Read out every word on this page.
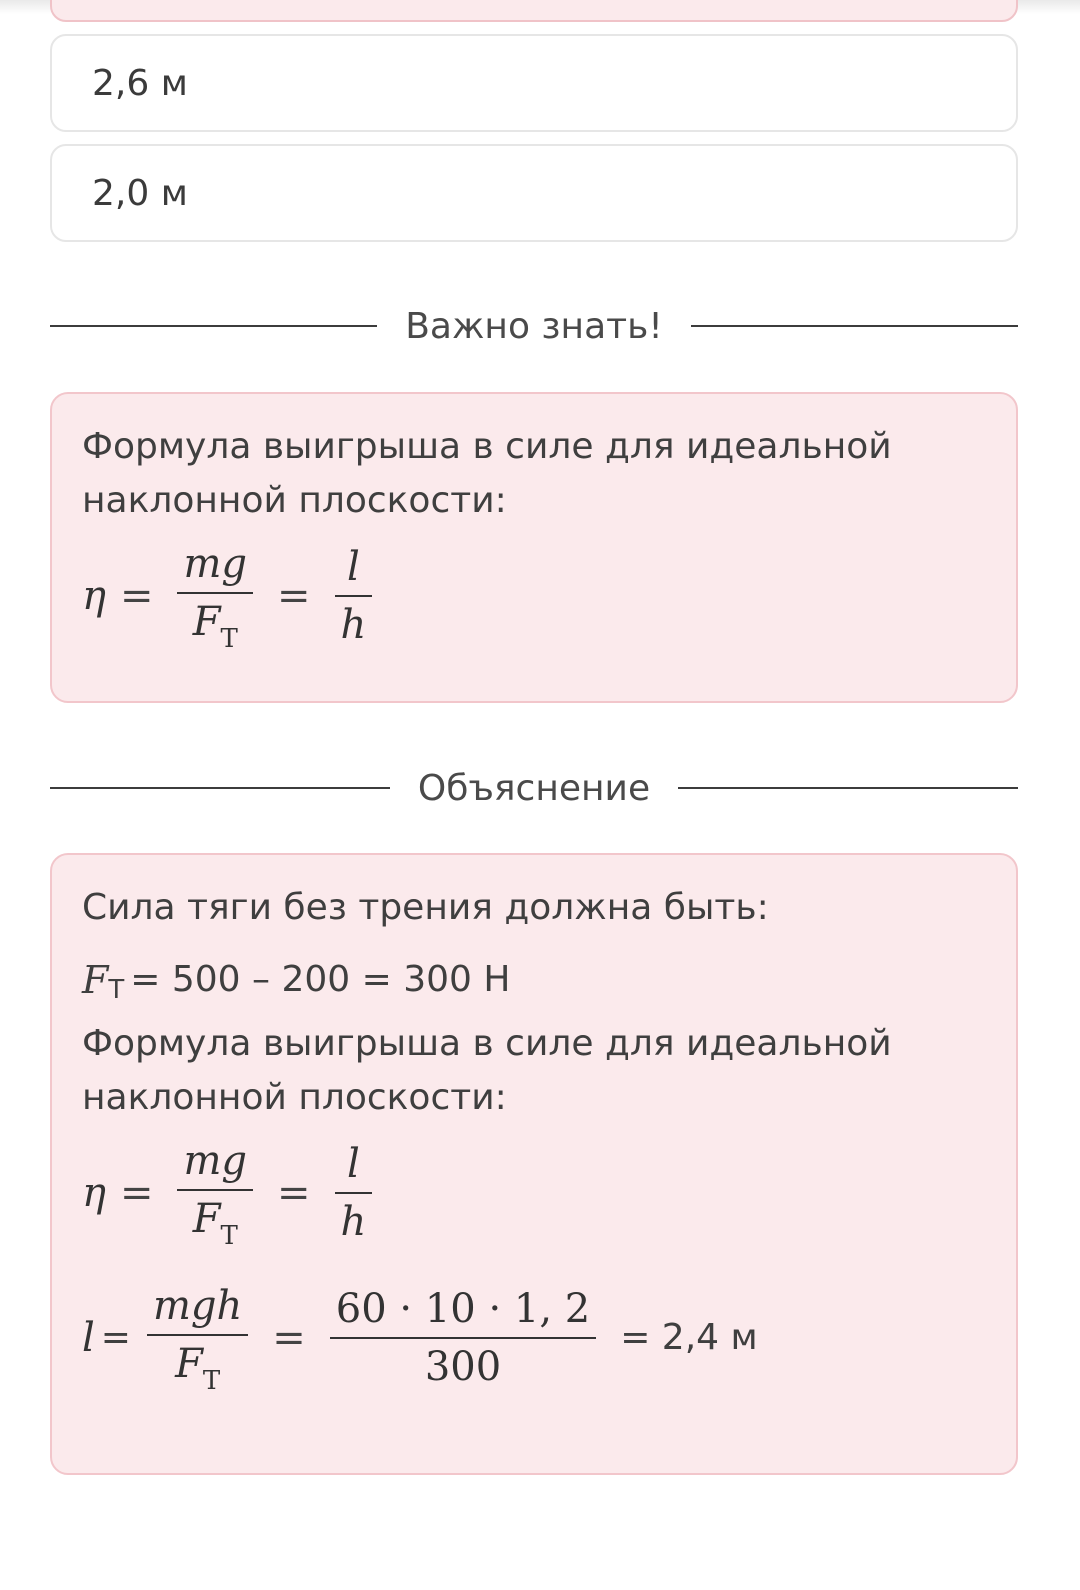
2,6 м
2,0 м
Важно знать!

Формула выигрыша в силе для идеальной наклонной плоскости:

$\eta = \frac{mg}{F_Т} = \frac{l}{h}$
Объяснение

Сила тяги без трения должна быть:

F Т = 500 – 200 = 300 Н

Формула выигрыша в силе для идеальной наклонной плоскости:

$\eta = \frac{mg}{F_Т} = \frac{l}{h}$
$l = \frac{\text{mgh}}{F_Т} = \frac{60 \cdot 10 \cdot 1, 2}{300} = 2,4$ м
